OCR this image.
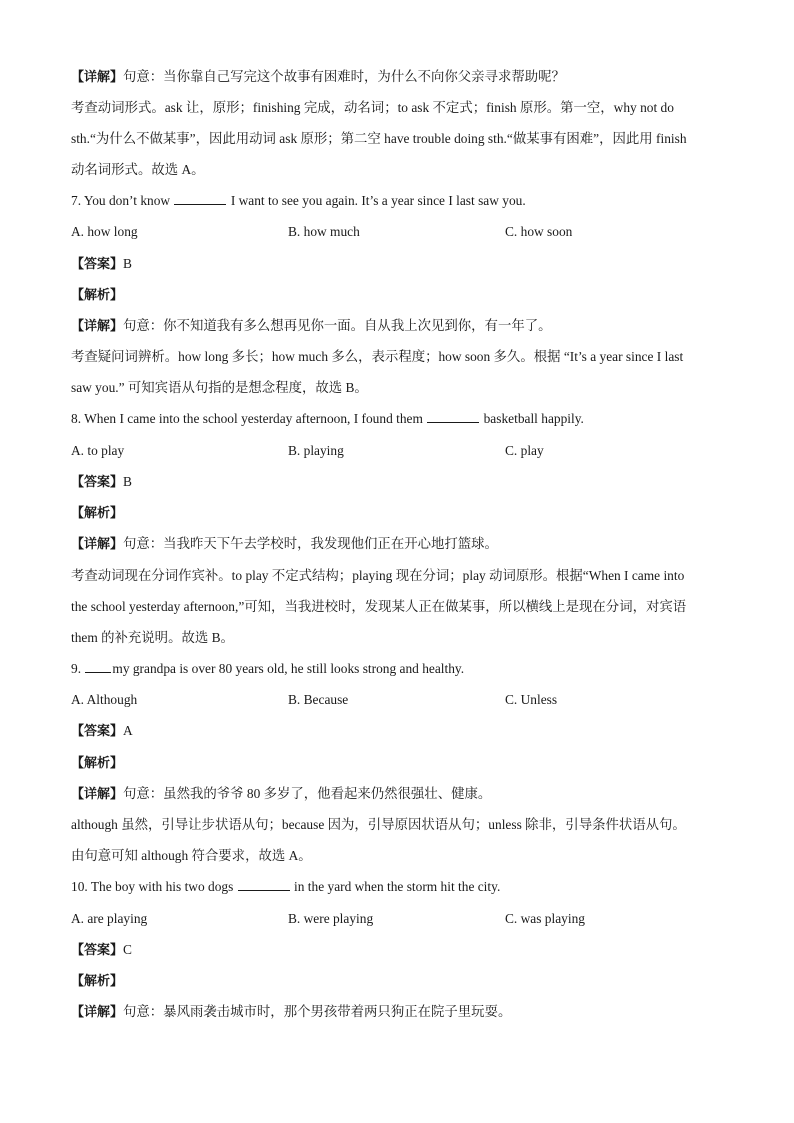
【详解】句意：当你靠自己写完这个故事有困难时，为什么不向你父亲寻求帮助呢？
考查动词形式。ask 让，原形；finishing 完成，动名词；to ask 不定式；finish 原形。第一空，why not do
sth.“为什么不做某事”，因此用动词 ask 原形；第二空 have trouble doing sth.“做某事有困难”，因此用 finish
动名词形式。故选 A。
7. You don’t know	I want to see you again. It’s a year since I last saw you.
A. how long	B. how much	C. how soon
【答案】B
【解析】
【详解】句意：你不知道我有多么想再见你一面。自从我上次见到你，有一年了。
考查疑问词辨析。how long 多长；how much 多么，表示程度；how soon 多久。根据 “It’s a year since I last
saw you.” 可知宾语从句指的是想念程度，故选 B。
8. When I came into the school yesterday afternoon, I found them	basketball happily.
A. to play	B. playing	C. play
【答案】B
【解析】
【详解】句意：当我昨天下午去学校时，我发现他们正在开心地打篮球。
考查动词现在分词作宾补。to play 不定式结构；playing 现在分词；play 动词原形。根据“When I came into
the school yesterday afternoon,”可知，当我进校时，发现某人正在做某事，所以横线上是现在分词，对宾语
them 的补充说明。故选 B。
9. my grandpa is over 80 years old, he still looks strong and healthy.
A. Although	B. Because	C. Unless
【答案】A
【解析】
【详解】句意：虽然我的爷爷 80 多岁了，他看起来仍然很强壮、健康。
although 虽然，引导让步状语从句；because 因为，引导原因状语从句；unless 除非，引导条件状语从句。
由句意可知 although 符合要求，故选 A。
10. The boy with his two dogs	in the yard when the storm hit the city.
A. are playing	B. were playing	C. was playing
【答案】C
【解析】
【详解】句意：暴风雨袭击城市时，那个男孩带着两只狗正在院子里玩耍。
